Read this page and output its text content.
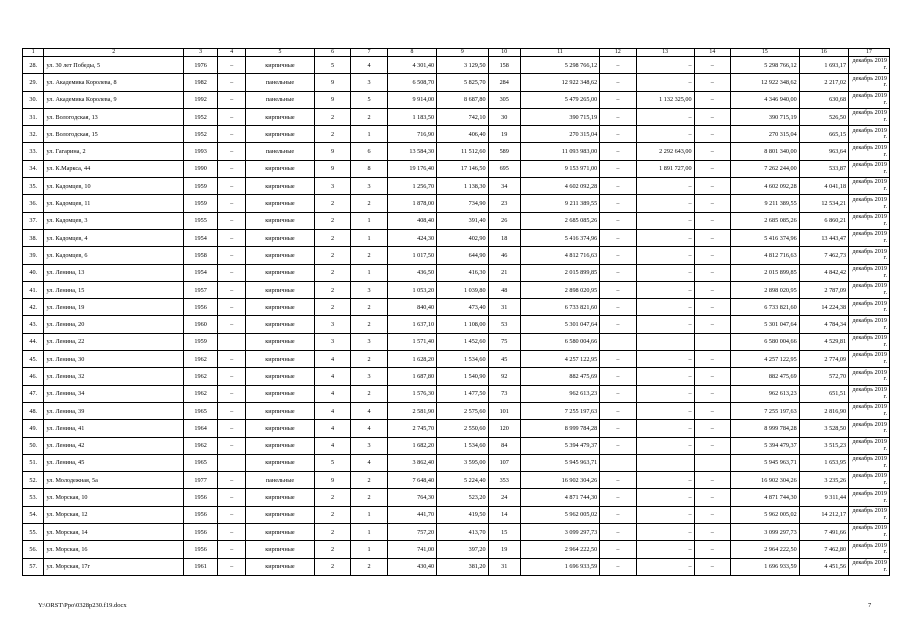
1	2	3	4	5	6	7	8	9	10	11	12	13	14	15	16	17
28.	ул. 30 лет Победы, 5	1976	–	кирпичные	5	4	4 301,40	3 129,50	158	5 298 766,12	–	–	–	5 298 766,12	1 693,17	декабрь 2019 г.
29.	ул. Академика Королева, 8	1982	–	панельные	9	3	6 508,70	5 825,70	284	12 922 348,62	–	–	–	12 922 348,62	2 217,02	декабрь 2019 г.
30.	ул. Академика Королева, 9	1992	–	панельные	9	5	9 914,00	8 687,80	305	5 479 265,00	–	1 132 325,00	–	4 346 940,00	630,68	декабрь 2019 г.
31.	ул. Вологодская, 13	1952	–	кирпичные	2	2	1 183,50	742,10	30	390 715,19	–	–	–	390 715,19	526,50	декабрь 2019 г.
32.	ул. Вологодская, 15	1952	–	кирпичные	2	1	716,90	406,40	19	270 315,04	–	–	–	270 315,04	665,15	декабрь 2019 г.
33.	ул. Гагарина, 2	1993	–	панельные	9	6	13 584,30	11 512,60	589	11 093 983,00	–	2 292 643,00	–	8 801 340,00	963,64	декабрь 2019 г.
34.	ул. К.Маркса, 44	1990	–	кирпичные	9	8	19 176,40	17 146,50	695	9 153 971,00	–	1 891 727,00	–	7 262 244,00	533,87	декабрь 2019 г.
35.	ул. Кадомцев, 10	1959	–	кирпичные	3	3	1 256,70	1 138,30	34	4 602 092,28	–	–	–	4 602 092,28	4 041,18	декабрь 2019 г.
36.	ул. Кадомцев, 11	1959	–	кирпичные	2	2	1 878,00	734,90	23	9 211 389,55	–	–	–	9 211 389,55	12 534,21	декабрь 2019 г.
37.	ул. Кадомцев, 3	1955	–	кирпичные	2	1	408,40	391,40	26	2 685 085,26	–	–	–	2 685 085,26	6 860,21	декабрь 2019 г.
38.	ул. Кадомцев, 4	1954	–	кирпичные	2	1	424,30	402,90	18	5 416 374,96	–	–	–	5 416 374,96	13 443,47	декабрь 2019 г.
39.	ул. Кадомцев, 6	1958	–	кирпичные	2	2	1 017,50	644,90	46	4 812 716,63	–	–	–	4 812 716,63	7 462,73	декабрь 2019 г.
40.	ул. Ленина, 13	1954	–	кирпичные	2	1	436,50	416,30	21	2 015 899,85	–	–	–	2 015 899,85	4 842,42	декабрь 2019 г.
41.	ул. Ленина, 15	1957	–	кирпичные	2	3	1 053,20	1 039,80	48	2 898 020,95	–	–	–	2 898 020,95	2 787,09	декабрь 2019 г.
42.	ул. Ленина, 19	1956	–	кирпичные	2	2	840,40	473,40	31	6 733 821,60	–	–	–	6 733 821,60	14 224,38	декабрь 2019 г.
43.	ул. Ленина, 20	1960	–	кирпичные	3	2	1 637,10	1 108,00	53	5 301 047,64	–	–	–	5 301 047,64	4 784,34	декабрь 2019 г.
44.	ул. Ленина, 22	1959		кирпичные	3	3	1 571,40	1 452,60	75	6 580 004,66				6 580 004,66	4 529,81	декабрь 2019 г.
45.	ул. Ленина, 30	1962	–	кирпичные	4	2	1 628,20	1 534,60	45	4 257 122,95	–	–	–	4 257 122,95	2 774,09	декабрь 2019 г.
46.	ул. Ленина, 32	1962	–	кирпичные	4	3	1 687,80	1 540,90	92	882 475,69	–	–	–	882 475,69	572,70	декабрь 2019 г.
47.	ул. Ленина, 34	1962	–	кирпичные	4	2	1 576,30	1 477,50	73	962 613,23	–	–	–	962 613,23	651,51	декабрь 2019 г.
48.	ул. Ленина, 39	1965	–	кирпичные	4	4	2 581,90	2 575,60	101	7 255 197,63	–	–	–	7 255 197,63	2 816,90	декабрь 2019 г.
49.	ул. Ленина, 41	1964	–	кирпичные	4	4	2 745,70	2 550,60	120	8 999 784,28	–	–	–	8 999 784,28	3 528,50	декабрь 2019 г.
50.	ул. Ленина, 42	1962	–	кирпичные	4	3	1 682,20	1 534,60	84	5 394 479,37	–	–	–	5 394 479,37	3 515,23	декабрь 2019 г.
51.	ул. Ленина, 45	1965		кирпичные	5	4	3 862,40	3 595,00	107	5 945 963,71				5 945 963,71	1 653,95	декабрь 2019 г.
52.	ул. Молодежная, 5а	1977	–	панельные	9	2	7 648,40	5 224,40	353	16 902 304,26	–	–	–	16 902 304,26	3 235,26	декабрь 2019 г.
53.	ул. Морская, 10	1956	–	кирпичные	2	2	764,30	523,20	24	4 871 744,30	–	–	–	4 871 744,30	9 311,44	декабрь 2019 г.
54.	ул. Морская, 12	1956	–	кирпичные	2	1	441,70	419,50	14	5 962 005,02	–	–	–	5 962 005,02	14 212,17	декабрь 2019 г.
55.	ул. Морская, 14	1956	–	кирпичные	2	1	757,20	413,70	15	3 099 297,73	–	–	–	3 099 297,73	7 491,66	декабрь 2019 г.
56.	ул. Морская, 16	1956	–	кирпичные	2	1	741,00	397,20	19	2 964 222,50	–	–	–	2 964 222,50	7 462,80	декабрь 2019 г.
57.	ул. Морская, 17г	1961	–	кирпичные	2	2	430,40	381,20	31	1 696 933,59	–	–	–	1 696 933,59	4 451,56	декабрь 2019 г.
Y:\ORST\Ppo\0328p230.f19.docx	7
